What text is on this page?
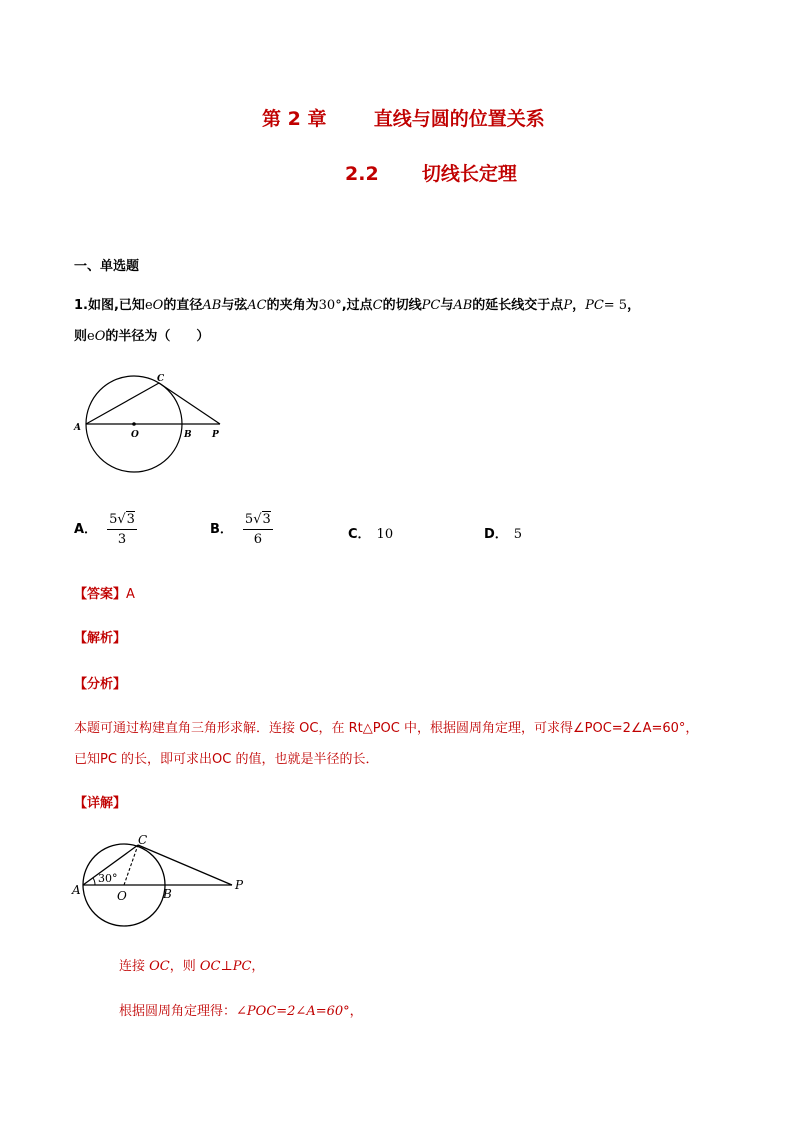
第 2 章 直线与圆的位置关系
2.2 切线长定理
一、单选题
1.如图,已知eO的直径AB与弦AC的夹角为30°,过点C的切线PC与AB的延长线交于点P，PC= 5，
则eO的半径为（　　）
A
O	B P
C
A． $\frac{5√3}{3}$	B． $\frac{5√3}{6}$	C． 10	D． 5
【答案】A
【解析】
【分析】
本题可通过构建直角三角形求解．连接 OC，在 Rt△POC 中，根据圆周角定理，可求得∠POC=2∠A=60°，
已知PC 的长，即可求出OC 的值，也就是半径的长．
【详解】
30°
A	O	B
P
C
连接 OC，则 OC⊥PC，
根据圆周角定理得：∠POC=2∠A=60°，
